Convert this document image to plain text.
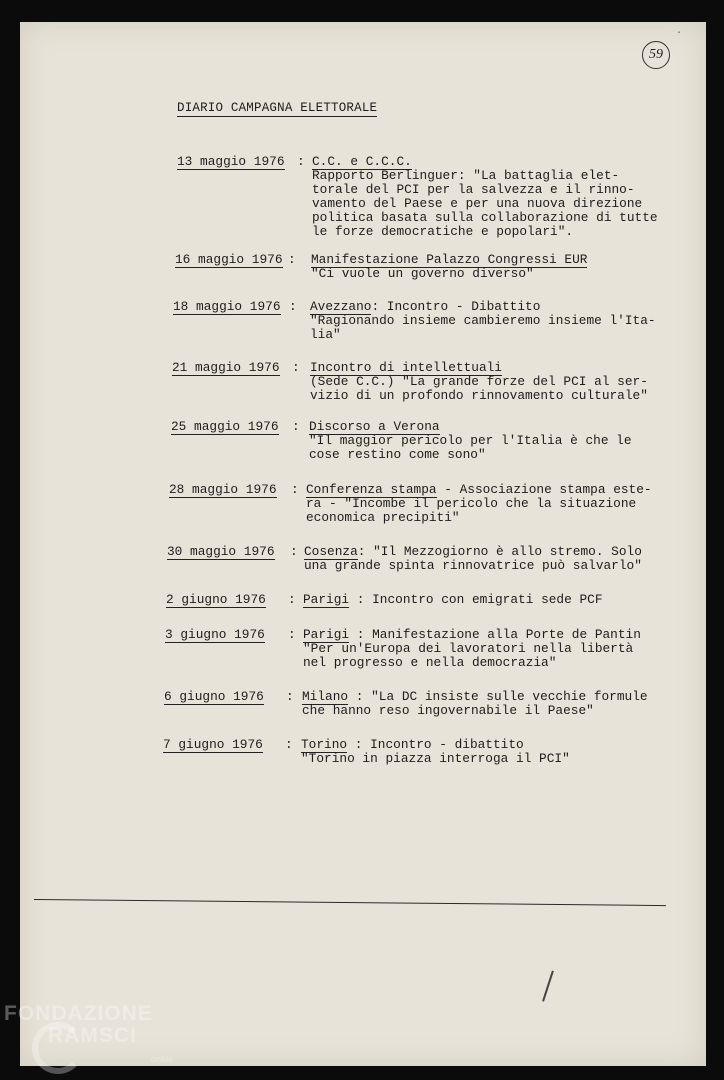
·
59
DIARIO CAMPAGNA ELETTORALE
13 maggio 1976 : C.C. e C.C.C.
Rapporto Berlinguer: "La battaglia elet-
torale del PCI per la salvezza e il rinno-
vamento del Paese e per una nuova direzione
politica basata sulla collaborazione di tutte
le forze democratiche e popolari".
16 maggio 1976 : Manifestazione Palazzo Congressi EUR
"Ci vuole un governo diverso"
18 maggio 1976 : Avezzano: Incontro - Dibattito
"Ragionando insieme cambieremo insieme l'Ita-
lia"
21 maggio 1976 : Incontro di intellettuali
(Sede C.C.) "La grande forze del PCI al ser-
vizio di un profondo rinnovamento culturale"
25 maggio 1976 : Discorso a Verona
"Il maggior pericolo per l'Italia è che le
cose restino come sono"
28 maggio 1976 : Conferenza stampa - Associazione stampa este-
ra - "Incombe il pericolo che la situazione
economica precipiti"
30 maggio 1976 : Cosenza: "Il Mezzogiorno è allo stremo. Solo
una grande spinta rinnovatrice può salvarlo"
2 giugno 1976 : Parigi : Incontro con emigrati sede PCF
3 giugno 1976 : Parigi : Manifestazione alla Porte de Pantin
"Per un'Europa dei lavoratori nella libertà
nel progresso e nella democrazia"
6 giugno 1976 : Milano : "La DC insiste sulle vecchie formule
che hanno reso ingovernabile il Paese"
7 giugno 1976 : Torino : Incontro - dibattito
"Torino in piazza interroga il PCI"
FONDAZIONE
RAMSCI
onlus
